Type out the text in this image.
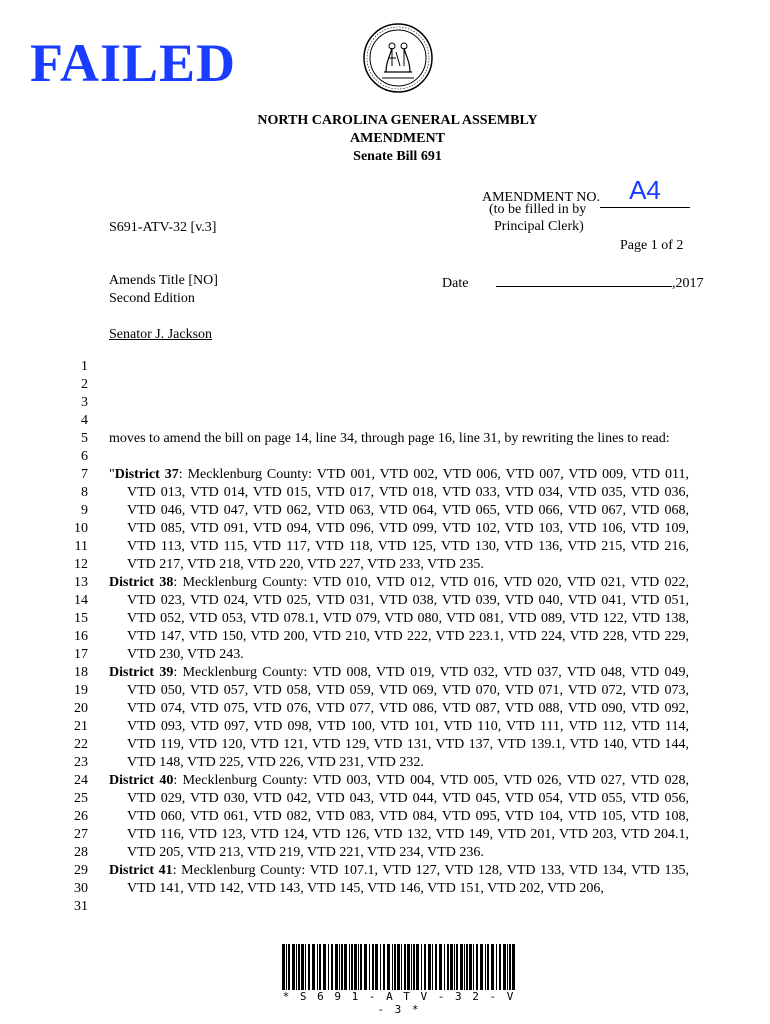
FAILED
NORTH CAROLINA GENERAL ASSEMBLY
AMENDMENT
Senate Bill 691
AMENDMENT NO. A4
(to be filled in by
Principal Clerk)
S691-ATV-32 [v.3]
Page 1 of 2
Amends Title [NO]
Second Edition
Date	,2017
Senator J. Jackson
1
2
3
4
5
6
7
8
9
10
11
12
13
14
15
16
17
18
19
20
21
22
23
24
25
26
27
28
29
30
31
moves to amend the bill on page 14, line 34, through page 16, line 31, by rewriting the lines to read:
"District 37: Mecklenburg County: VTD 001, VTD 002, VTD 006, VTD 007, VTD 009, VTD 011, VTD 013, VTD 014, VTD 015, VTD 017, VTD 018, VTD 033, VTD 034, VTD 035, VTD 036, VTD 046, VTD 047, VTD 062, VTD 063, VTD 064, VTD 065, VTD 066, VTD 067, VTD 068, VTD 085, VTD 091, VTD 094, VTD 096, VTD 099, VTD 102, VTD 103, VTD 106, VTD 109, VTD 113, VTD 115, VTD 117, VTD 118, VTD 125, VTD 130, VTD 136, VTD 215, VTD 216, VTD 217, VTD 218, VTD 220, VTD 227, VTD 233, VTD 235.
District 38: Mecklenburg County: VTD 010, VTD 012, VTD 016, VTD 020, VTD 021, VTD 022, VTD 023, VTD 024, VTD 025, VTD 031, VTD 038, VTD 039, VTD 040, VTD 041, VTD 051, VTD 052, VTD 053, VTD 078.1, VTD 079, VTD 080, VTD 081, VTD 089, VTD 122, VTD 138, VTD 147, VTD 150, VTD 200, VTD 210, VTD 222, VTD 223.1, VTD 224, VTD 228, VTD 229, VTD 230, VTD 243.
District 39: Mecklenburg County: VTD 008, VTD 019, VTD 032, VTD 037, VTD 048, VTD 049, VTD 050, VTD 057, VTD 058, VTD 059, VTD 069, VTD 070, VTD 071, VTD 072, VTD 073, VTD 074, VTD 075, VTD 076, VTD 077, VTD 086, VTD 087, VTD 088, VTD 090, VTD 092, VTD 093, VTD 097, VTD 098, VTD 100, VTD 101, VTD 110, VTD 111, VTD 112, VTD 114, VTD 119, VTD 120, VTD 121, VTD 129, VTD 131, VTD 137, VTD 139.1, VTD 140, VTD 144, VTD 148, VTD 225, VTD 226, VTD 231, VTD 232.
District 40: Mecklenburg County: VTD 003, VTD 004, VTD 005, VTD 026, VTD 027, VTD 028, VTD 029, VTD 030, VTD 042, VTD 043, VTD 044, VTD 045, VTD 054, VTD 055, VTD 056, VTD 060, VTD 061, VTD 082, VTD 083, VTD 084, VTD 095, VTD 104, VTD 105, VTD 108, VTD 116, VTD 123, VTD 124, VTD 126, VTD 132, VTD 149, VTD 201, VTD 203, VTD 204.1, VTD 205, VTD 213, VTD 219, VTD 221, VTD 234, VTD 236.
District 41: Mecklenburg County: VTD 107.1, VTD 127, VTD 128, VTD 133, VTD 134, VTD 135, VTD 141, VTD 142, VTD 143, VTD 145, VTD 146, VTD 151, VTD 202, VTD 206,
* S 6 9 1 - A T V - 3 2 - V - 3 *
